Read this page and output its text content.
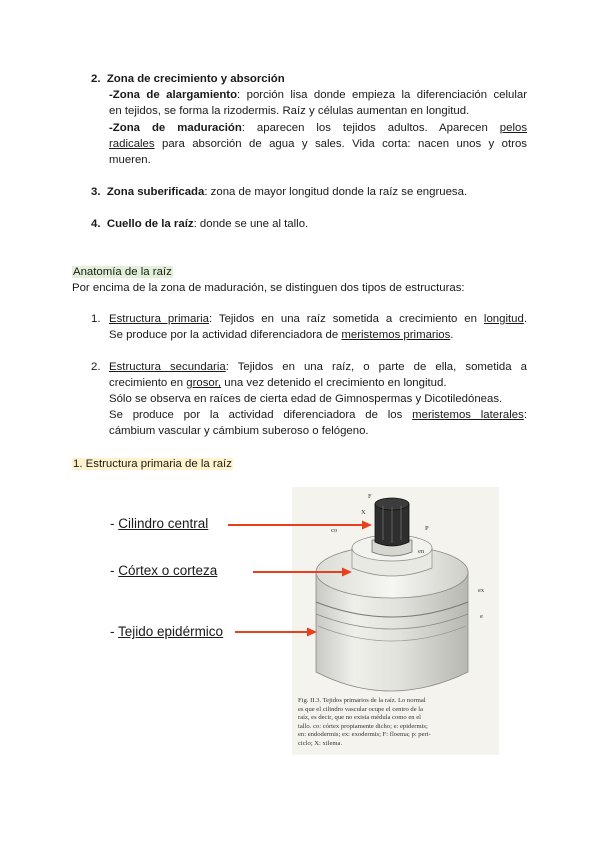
2. Zona de crecimiento y absorción
-Zona de alargamiento: porción lisa donde empieza la diferenciación celular
en tejidos, se forma la rizodermis. Raíz y células aumentan en longitud.
-Zona de maduración: aparecen los tejidos adultos. Aparecen pelos
radicales para absorción de agua y sales. Vida corta: nacen unos y otros
mueren.
3. Zona suberificada: zona de mayor longitud donde la raíz se engruesa.
4. Cuello de la raíz: donde se une al tallo.
Anatomía de la raíz
Por encima de la zona de maduración, se distinguen dos tipos de estructuras:
1. Estructura primaria: Tejidos en una raíz sometida a crecimiento en longitud.
Se produce por la actividad diferenciadora de meristemos primarios.
2. Estructura secundaria: Tejidos en una raíz, o parte de ella, sometida a
crecimiento en grosor, una vez detenido el crecimiento en longitud.
Sólo se observa en raíces de cierta edad de Gimnospermas y Dicotiledóneas.
Se produce por la actividad diferenciadora de los meristemos laterales:
cámbium vascular y cámbium suberoso o felógeno.
1. Estructura primaria de la raíz
F
X
P
co
en
ex
e
- Cilindro central
- Córtex o corteza
- Tejido epidérmico
Fig. II.3. Tejidos primarios de la raíz. Lo normal
es que el cilindro vascular ocupe el centro de la
raíz, es decir, que no exista médula como en el
tallo. co: córtex propiamente dicho; e: epidermis;
en: endodermis; ex: exodermis; F: floema; p: peri-
ciclo; X: xilema.
